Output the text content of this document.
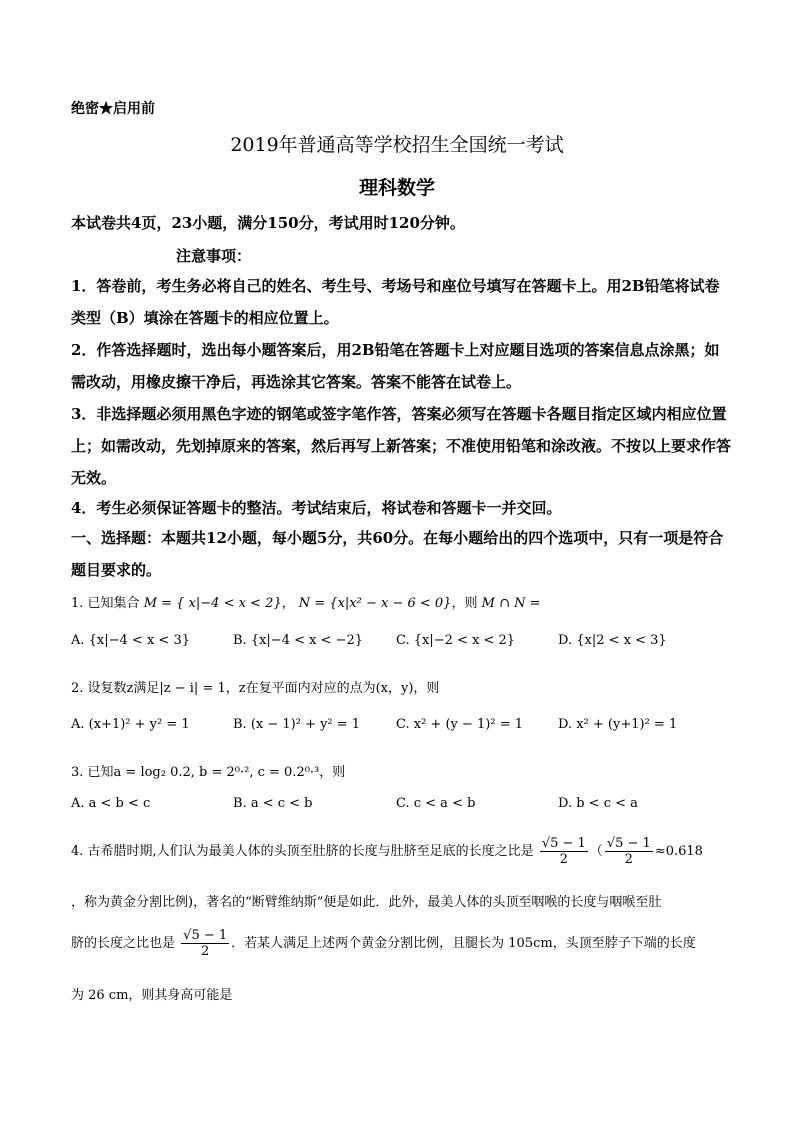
绝密★启用前
2019年普通高等学校招生全国统一考试
理科数学
本试卷共4页，23小题，满分150分，考试用时120分钟。
注意事项：
1．答卷前，考生务必将自己的姓名、考生号、考场号和座位号填写在答题卡上。用2B铅笔将试卷类型（B）填涂在答题卡的相应位置上。
2．作答选择题时，选出每小题答案后，用2B铅笔在答题卡上对应题目选项的答案信息点涂黑；如需改动，用橡皮擦干净后，再选涂其它答案。答案不能答在试卷上。
3．非选择题必须用黑色字迹的钢笔或签字笔作答，答案必须写在答题卡各题目指定区域内相应位置上；如需改动，先划掉原来的答案，然后再写上新答案；不准使用铅笔和涂改液。不按以上要求作答无效。
4．考生必须保证答题卡的整洁。考试结束后，将试卷和答题卡一并交回。
一、选择题：本题共12小题，每小题5分，共60分。在每小题给出的四个选项中，只有一项是符合题目要求的。
1. 已知集合 M = { x|−4 < x < 2}， N = {x|x² − x − 6 < 0}，则 M ∩ N =
A. {x|−4 < x < 3}	B. {x|−4 < x < −2}	C. {x|−2 < x < 2}	D. {x|2 < x < 3}
2. 设复数z满足|z − i| = 1，z在复平面内对应的点为(x，y)，则
A. (x+1)² + y² = 1	B. (x − 1)² + y² = 1	C. x² + (y − 1)² = 1	D. x² + (y+1)² = 1
3. 已知a = log₂ 0.2, b = 2⁰·², c = 0.2⁰·³，则
A. a < b < c	B. a < c < b	C. c < a < b	D. b < c < a
4. 古希腊时期,人们认为最美人体的头顶至肚脐的长度与肚脐至足底的长度之比是 $\frac{√5 - 1}{2}$ （ $\frac{√5 - 1}{2} \approx 0.618$
，称为黄金分割比例)，著名的“断臂维纳斯”便是如此．此外，最美人体的头顶至咽喉的长度与咽喉至肚
脐的长度之比也是 $\frac{√5 - 1}{2}$ ．若某人满足上述两个黄金分割比例，且腿长为 105cm，头顶至脖子下端的长度
为 26 cm，则其身高可能是
